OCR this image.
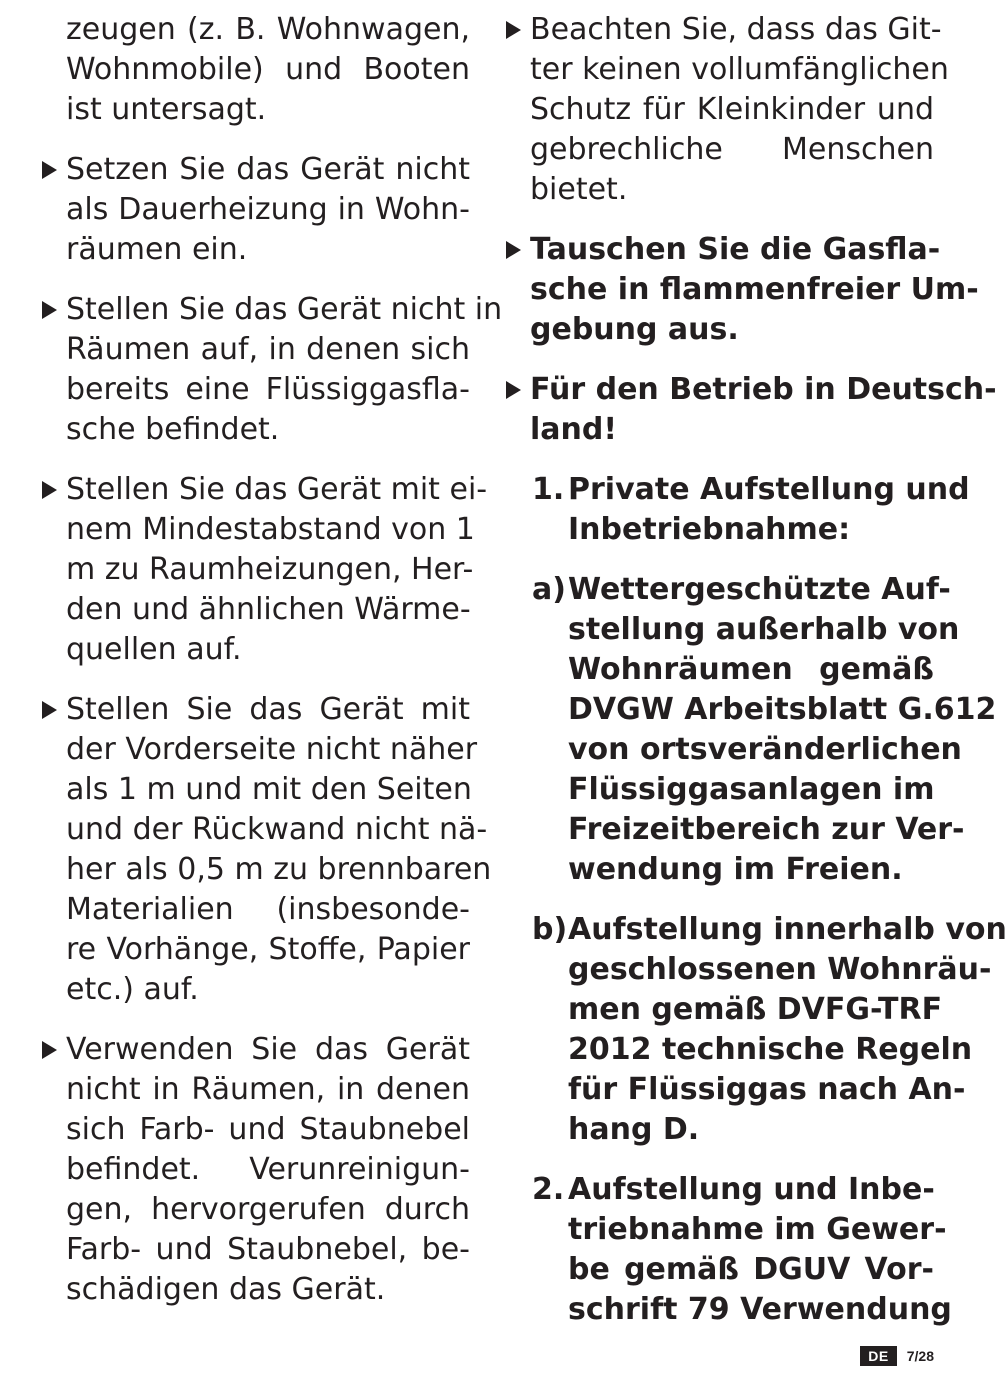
zeugen (z. B. Wohnwagen,
Wohnmobile) und Booten
ist untersagt.
Setzen Sie das Gerät nicht
als Dauerheizung in Wohn-
räumen ein.
Stellen Sie das Gerät nicht in
Räumen auf, in denen sich
bereits eine Flüssiggasfla-
sche befindet.
Stellen Sie das Gerät mit ei-
nem Mindestabstand von 1
m zu Raumheizungen, Her-
den und ähnlichen Wärme-
quellen auf.
Stellen Sie das Gerät mit
der Vorderseite nicht näher
als 1 m und mit den Seiten
und der Rückwand nicht nä-
her als 0,5 m zu brennbaren
Materialien (insbesonde-
re Vorhänge, Stoffe, Papier
etc.) auf.
Verwenden Sie das Gerät
nicht in Räumen, in denen
sich Farb- und Staubnebel
befindet. Verunreinigun-
gen, hervorgerufen durch
Farb- und Staubnebel, be-
schädigen das Gerät.
Beachten Sie, dass das Git-
ter keinen vollumfänglichen
Schutz für Kleinkinder und
gebrechliche Menschen
bietet.
Tauschen Sie die Gasfla-
sche in flammenfreier Um-
gebung aus.
Für den Betrieb in Deutsch-
land!
1. Private Aufstellung und
Inbetriebnahme:
a) Wettergeschützte Auf-
stellung außerhalb von
Wohnräumen gemäß
DVGW Arbeitsblatt G.612
von ortsveränderlichen
Flüssiggasanlagen im
Freizeitbereich zur Ver-
wendung im Freien.
b) Aufstellung innerhalb von
geschlossenen Wohnräu-
men gemäß DVFG-TRF
2012 technische Regeln
für Flüssiggas nach An-
hang D.
2. Aufstellung und Inbe-
triebnahme im Gewer-
be gemäß DGUV Vor-
schrift 79 Verwendung
DE	7/28
